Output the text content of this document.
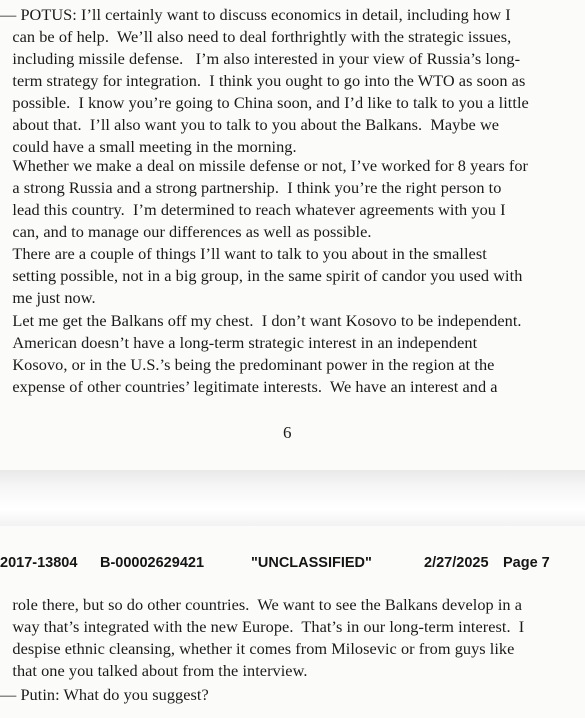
— POTUS: I’ll certainly want to discuss economics in detail, including how I
can be of help.  We’ll also need to deal forthrightly with the strategic issues,
including missile defense.   I’m also interested in your view of Russia’s long-
term strategy for integration.  I think you ought to go into the WTO as soon as
possible.  I know you’re going to China soon, and I’d like to talk to you a little
about that.  I’ll also want you to talk to you about the Balkans.  Maybe we
could have a small meeting in the morning.

Whether we make a deal on missile defense or not, I’ve worked for 8 years for
a strong Russia and a strong partnership.  I think you’re the right person to
lead this country.  I’m determined to reach whatever agreements with you I
can, and to manage our differences as well as possible.

There are a couple of things I’ll want to talk to you about in the smallest
setting possible, not in a big group, in the same spirit of candor you used with
me just now.

Let me get the Balkans off my chest.  I don’t want Kosovo to be independent.
American doesn’t have a long-term strategic interest in an independent
Kosovo, or in the U.S.’s being the predominant power in the region at the
expense of other countries’ legitimate interests.  We have an interest and a

6
2017-13804 B-00002629421	"UNCLASSIFIED"	2/27/2025 Page 7

role there, but so do other countries.  We want to see the Balkans develop in a
way that’s integrated with the new Europe.  That’s in our long-term interest.  I
despise ethnic cleansing, whether it comes from Milosevic or from guys like
that one you talked about from the interview.

— Putin: What do you suggest?
